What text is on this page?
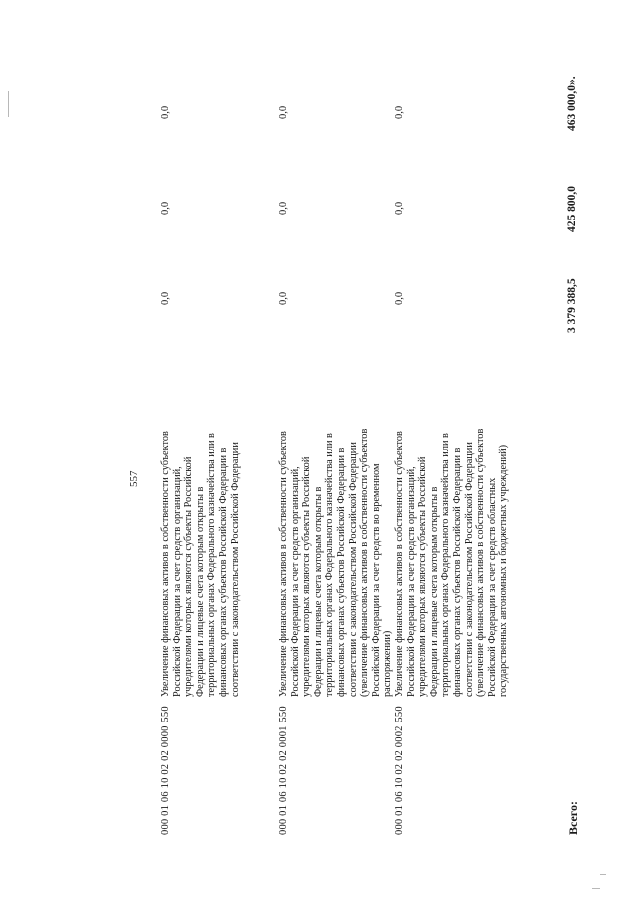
557
000 01 06 10 02 02 0000 550
Увеличение финансовых активов в собственности субъектов Российской Федерации за счет средств организаций, учредителями которых являются субъекты Российской Федерации и лицевые счета которым открыты в территориальных органах Федерального казначейства или в финансовых органах субъектов Российской Федерации в соответствии с законодательством Российской Федерации
0,0
0,0
0,0
000 01 06 10 02 02 0001 550
Увеличение финансовых активов в собственности субъектов Российской Федерации за счет средств организаций, учредителями которых являются субъекты Российской Федерации и лицевые счета которым открыты в территориальных органах Федерального казначейства или в финансовых органах субъектов Российской Федерации в соответствии с законодательством Российской Федерации (увеличение финансовых активов в собственности субъектов Российской Федерации за счет средств во временном распоряжении)
0,0
0,0
0,0
000 01 06 10 02 02 0002 550
Увеличение финансовых активов в собственности субъектов Российской Федерации за счет средств организаций, учредителями которых являются субъекты Российской Федерации и лицевые счета которым открыты в территориальных органах Федерального казначейства или в финансовых органах субъектов Российской Федерации в соответствии с законодательством Российской Федерации (увеличение финансовых активов в собственности субъектов Российской Федерации за счет средств областных государственных автономных и бюджетных учреждений)
0,0
0,0
0,0
Всего:
3 379 388,5
425 800,0
463 000,0».
